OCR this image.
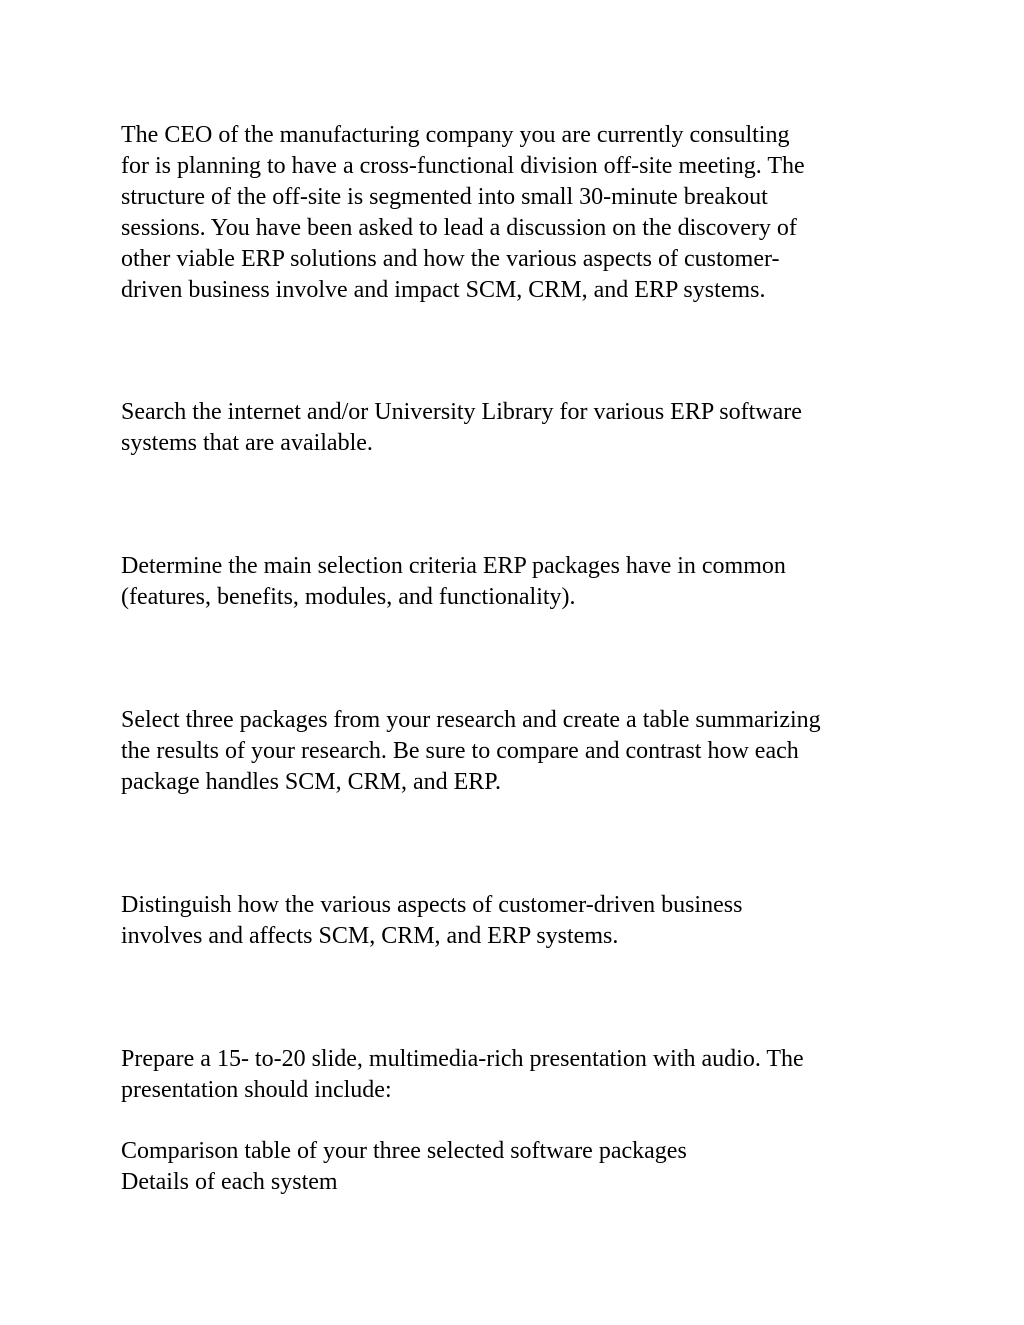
The CEO of the manufacturing company you are currently consulting
for is planning to have a cross-functional division off-site meeting. The
structure of the off-site is segmented into small 30-minute breakout
sessions. You have been asked to lead a discussion on the discovery of
other viable ERP solutions and how the various aspects of customer-
driven business involve and impact SCM, CRM, and ERP systems.

Search the internet and/or University Library for various ERP software
systems that are available.

Determine the main selection criteria ERP packages have in common
(features, benefits, modules, and functionality).

Select three packages from your research and create a table summarizing
the results of your research. Be sure to compare and contrast how each
package handles SCM, CRM, and ERP.

Distinguish how the various aspects of customer-driven business
involves and affects SCM, CRM, and ERP systems.

Prepare a 15- to-20 slide, multimedia-rich presentation with audio. The
presentation should include:

Comparison table of your three selected software packages
Details of each system
